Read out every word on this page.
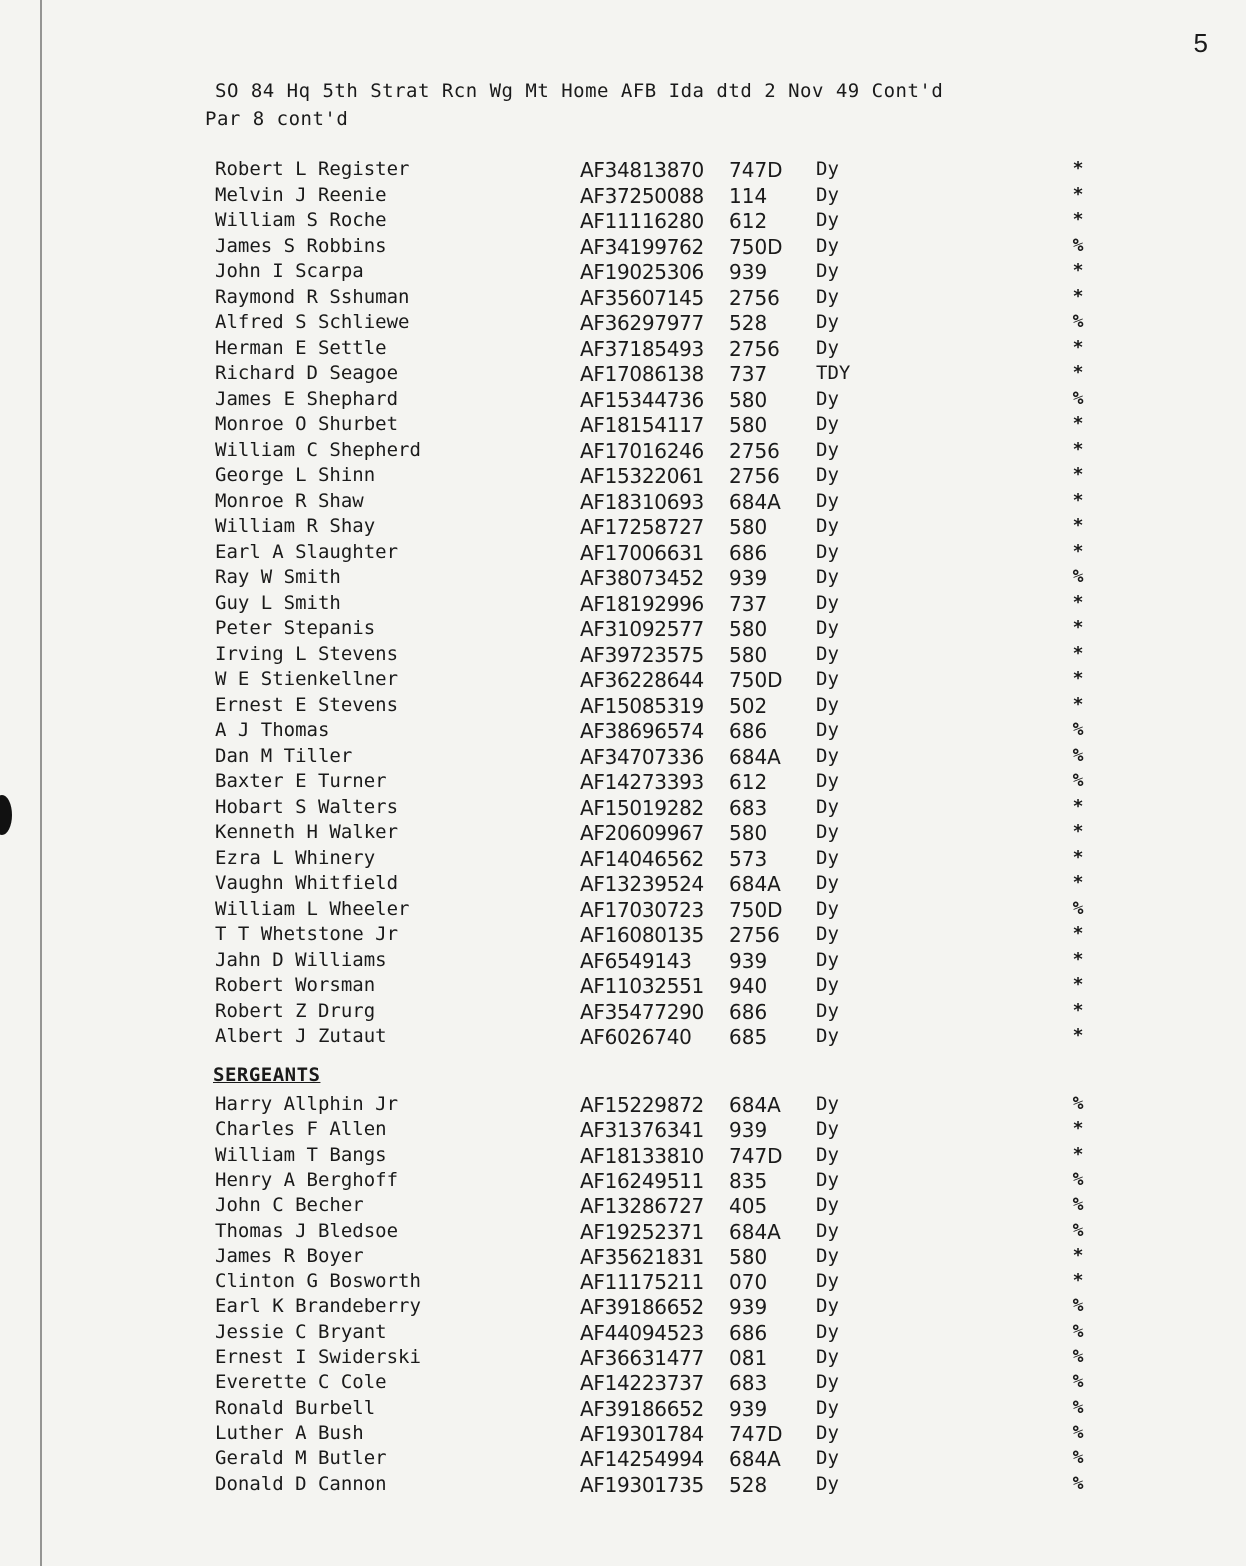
5
SO 84 Hq 5th Strat Rcn Wg Mt Home AFB Ida dtd 2 Nov 49 Cont'd
Par 8 cont'd
Robert L Register	AF34813870 747D Dy	*
Melvin J Reenie	AF37250088 114	Dy	*
William S Roche	AF11116280 612	Dy	*
James S Robbins	AF34199762 750D Dy	%
John I Scarpa	AF19025306 939	Dy	*
Raymond R Sshuman	AF35607145 2756 Dy	*
Alfred S Schliewe	AF36297977 528	Dy	%
Herman E Settle	AF37185493 2756 Dy	*
Richard D Seagoe	AF17086138 737	TDY	*
James E Shephard	AF15344736 580	Dy	%
Monroe O Shurbet	AF18154117 580	Dy	*
William C Shepherd	AF17016246 2756 Dy	*
George L Shinn	AF15322061 2756 Dy	*
Monroe R Shaw	AF18310693 684A Dy	*
William R Shay	AF17258727 580	Dy	*
Earl A Slaughter	AF17006631 686	Dy	*
Ray W Smith	AF38073452 939	Dy	%
Guy L Smith	AF18192996 737	Dy	*
Peter Stepanis	AF31092577 580	Dy	*
Irving L Stevens	AF39723575 580	Dy	*
W E Stienkellner	AF36228644 750D Dy	*
Ernest E Stevens	AF15085319 502	Dy	*
A J Thomas	AF38696574 686	Dy	%
Dan M Tiller	AF34707336 684A Dy	%
Baxter E Turner	AF14273393 612	Dy	%
Hobart S Walters	AF15019282 683	Dy	*
Kenneth H Walker	AF20609967 580	Dy	*
Ezra L Whinery	AF14046562 573	Dy	*
Vaughn Whitfield	AF13239524 684A Dy	*
William L Wheeler	AF17030723 750D Dy	%
T T Whetstone Jr	AF16080135 2756 Dy	*
Jahn D Williams	AF6549143 939	Dy	*
Robert Worsman	AF11032551 940	Dy	*
Robert Z Drurg	AF35477290 686	Dy	*
Albert J Zutaut	AF6026740 685	Dy	*
SERGEANTS
Harry Allphin Jr	AF15229872 684A Dy	%
Charles F Allen	AF31376341 939	Dy	*
William T Bangs	AF18133810 747D Dy	*
Henry A Berghoff	AF16249511 835	Dy	%
John C Becher	AF13286727 405	Dy	%
Thomas J Bledsoe	AF19252371 684A Dy	%
James R Boyer	AF35621831 580	Dy	*
Clinton G Bosworth	AF11175211 070	Dy	*
Earl K Brandeberry	AF39186652 939	Dy	%
Jessie C Bryant	AF44094523 686	Dy	%
Ernest I Swiderski	AF36631477 081	Dy	%
Everette C Cole	AF14223737 683	Dy	%
Ronald Burbell	AF39186652 939	Dy	%
Luther A Bush	AF19301784 747D Dy	%
Gerald M Butler	AF14254994 684A Dy	%
Donald D Cannon	AF19301735 528	Dy	%
